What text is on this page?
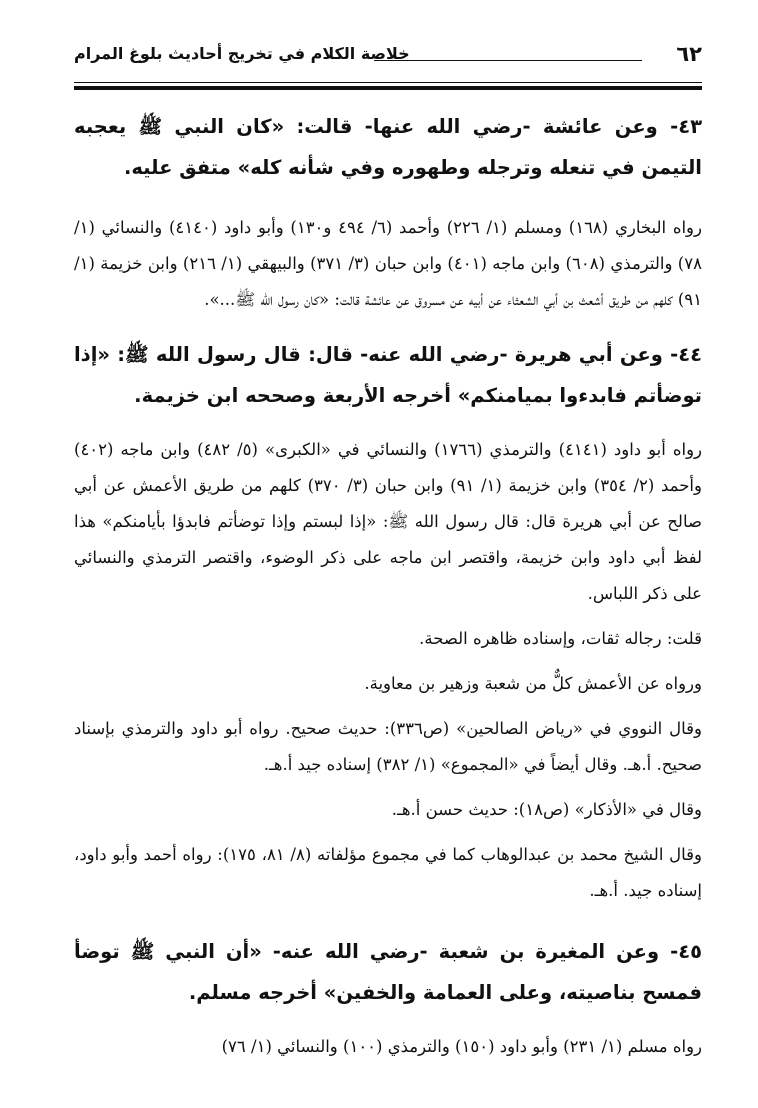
٦٢
خلاصة الكلام في تخريج أحاديث بلوغ المرام

٤٣- وعن عائشة -رضي الله عنها- قالت: «كان النبي ﷺ يعجبه التيمن في تنعله وترجله وطهوره وفي شأنه كله» متفق عليه.

رواه البخاري (١٦٨) ومسلم (١/ ٢٢٦) وأحمد (٦/ ٤٩٤ و١٣٠) وأبو داود (٤١٤٠) والنسائي (١/ ٧٨) والترمذي (٦٠٨) وابن ماجه (٤٠١) وابن حبان (٣/ ٣٧١) والبيهقي (١/ ٢١٦) وابن خزيمة (١/ ٩١) كلهم من طريق أشعث بن أبي الشعثاء عن أبيه عن مسروق عن عائشة قالت: «كان رسول الله ﷺ...».

٤٤- وعن أبي هريرة -رضي الله عنه- قال: قال رسول الله ﷺ: «إذا توضأتم فابدءوا بميامنكم» أخرجه الأربعة وصححه ابن خزيمة.

رواه أبو داود (٤١٤١) والترمذي (١٧٦٦) والنسائي في «الكبرى» (٥/ ٤٨٢) وابن ماجه (٤٠٢) وأحمد (٢/ ٣٥٤) وابن خزيمة (١/ ٩١) وابن حبان (٣/ ٣٧٠) كلهم من طريق الأعمش عن أبي صالح عن أبي هريرة قال: قال رسول الله ﷺ: «إذا لبستم وإذا توضأتم فابدؤا بأيامنكم» هذا لفظ أبي داود وابن خزيمة، واقتصر ابن ماجه على ذكر الوضوء، واقتصر الترمذي والنسائي على ذكر اللباس.

قلت: رجاله ثقات، وإسناده ظاهره الصحة.

ورواه عن الأعمش كلٌّ من شعبة وزهير بن معاوية.

وقال النووي في «رياض الصالحين» (ص٣٣٦): حديث صحيح. رواه أبو داود والترمذي بإسناد صحيح. أ.هـ. وقال أيضاً في «المجموع» (١/ ٣٨٢) إسناده جيد أ.هـ.

وقال في «الأذكار» (ص١٨): حديث حسن أ.هـ.

وقال الشيخ محمد بن عبدالوهاب كما في مجموع مؤلفاته (٨/ ٨١، ١٧٥): رواه أحمد وأبو داود، إسناده جيد. أ.هـ.

٤٥- وعن المغيرة بن شعبة -رضي الله عنه- «أن النبي ﷺ توضأ فمسح بناصيته، وعلى العمامة والخفين» أخرجه مسلم.

رواه مسلم (١/ ٢٣١) وأبو داود (١٥٠) والترمذي (١٠٠) والنسائي (١/ ٧٦)
